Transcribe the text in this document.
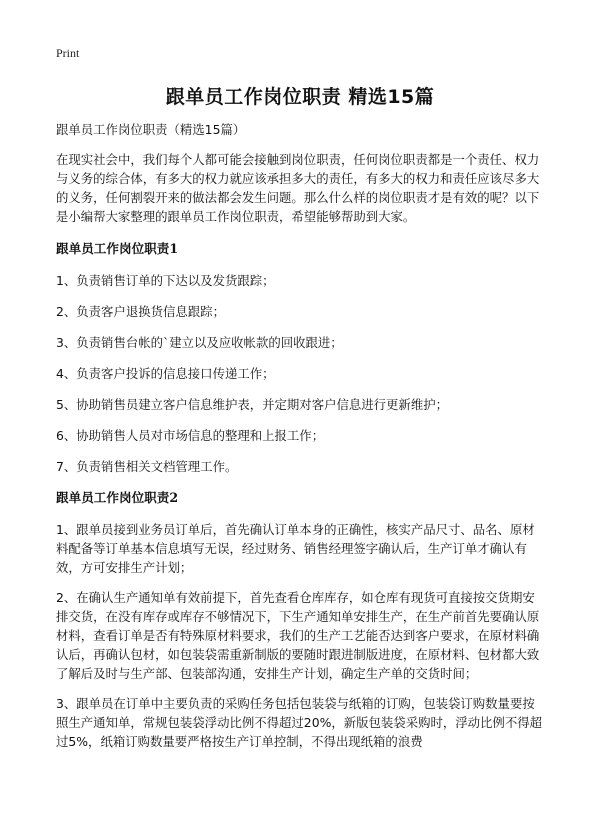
Print
跟单员工作岗位职责 精选15篇

跟单员工作岗位职责（精选15篇）

在现实社会中，我们每个人都可能会接触到岗位职责，任何岗位职责都是一个责任、权力与义务的综合体，有多大的权力就应该承担多大的责任，有多大的权力和责任应该尽多大的义务，任何割裂开来的做法都会发生问题。那么什么样的岗位职责才是有效的呢？以下是小编帮大家整理的跟单员工作岗位职责，希望能够帮助到大家。

跟单员工作岗位职责1

1、负责销售订单的下达以及发货跟踪；

2、负责客户退换货信息跟踪；

3、负责销售台帐的`建立以及应收帐款的回收跟进；

4、负责客户投诉的信息接口传递工作；

5、协助销售员建立客户信息维护表，并定期对客户信息进行更新维护；

6、协助销售人员对市场信息的整理和上报工作；

7、负责销售相关文档管理工作。

跟单员工作岗位职责2

1、跟单员接到业务员订单后，首先确认订单本身的正确性，核实产品尺寸、品名、原材料配备等订单基本信息填写无误，经过财务、销售经理签字确认后，生产订单才确认有效，方可安排生产计划；

2、在确认生产通知单有效前提下，首先查看仓库库存，如仓库有现货可直接按交货期安排交货，在没有库存或库存不够情况下，下生产通知单安排生产，在生产前首先要确认原材料，查看订单是否有特殊原材料要求，我们的生产工艺能否达到客户要求，在原材料确认后，再确认包材，如包装袋需重新制版的要随时跟进制版进度，在原材料、包材都大致了解后及时与生产部、包装部沟通，安排生产计划，确定生产单的交货时间；

3、跟单员在订单中主要负责的采购任务包括包装袋与纸箱的订购，包装袋订购数量要按照生产通知单，常规包装袋浮动比例不得超过20%，新版包装袋采购时，浮动比例不得超过5%，纸箱订购数量要严格按生产订单控制，不得出现纸箱的浪费
